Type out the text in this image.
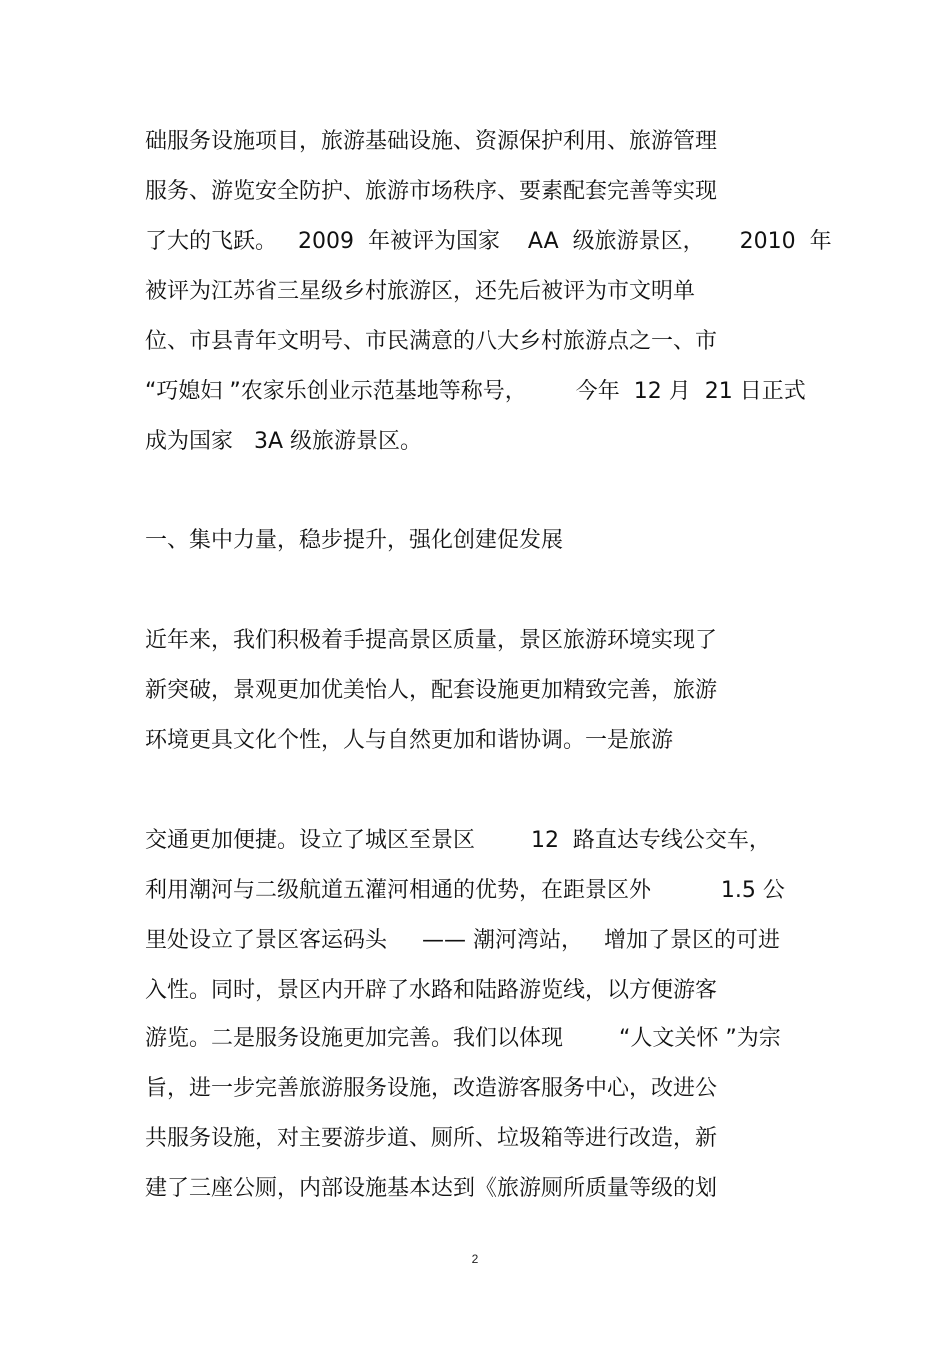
础服务设施项目，旅游基础设施、资源保护利用、旅游管理
服务、游览安全防护、旅游市场秩序、要素配套完善等实现
了大的飞跃。   2009  年被评为国家    AA  级旅游景区，     2010  年
被评为江苏省三星级乡村旅游区，还先后被评为市文明单
位、市县青年文明号、市民满意的八大乡村旅游点之一、市
“巧媳妇 ”农家乐创业示范基地等称号，       今年  12 月  21 日正式
成为国家   3A 级旅游景区。
一、集中力量，稳步提升，强化创建促发展
近年来，我们积极着手提高景区质量，景区旅游环境实现了
新突破，景观更加优美怡人，配套设施更加精致完善，旅游
环境更具文化个性，人与自然更加和谐协调。一是旅游
交通更加便捷。设立了城区至景区        12  路直达专线公交车，
利用潮河与二级航道五灌河相通的优势，在距景区外          1.5 公
里处设立了景区客运码头     —— 潮河湾站，   增加了景区的可进
入性。同时，景区内开辟了水路和陆路游览线，以方便游客
游览。二是服务设施更加完善。我们以体现        “人文关怀 ”为宗
旨，进一步完善旅游服务设施，改造游客服务中心，改进公
共服务设施，对主要游步道、厕所、垃圾箱等进行改造，新
建了三座公厕，内部设施基本达到《旅游厕所质量等级的划
2
